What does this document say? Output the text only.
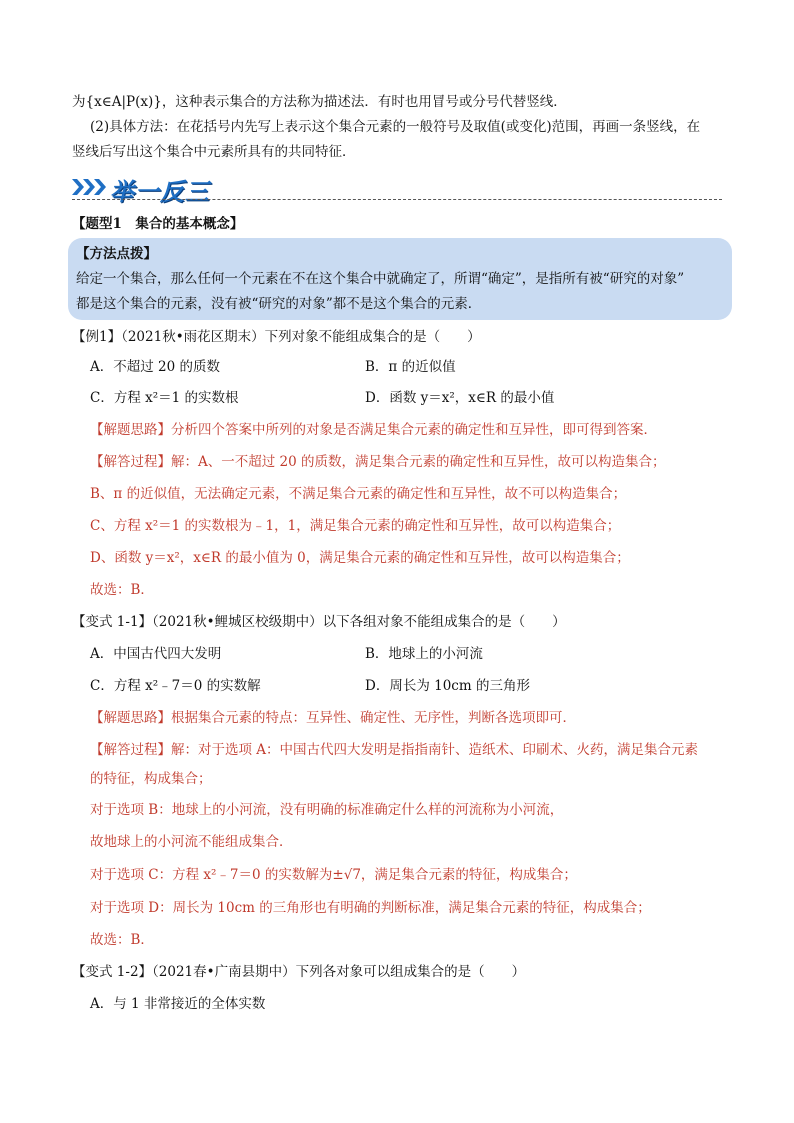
为{x∈A|P(x)}，这种表示集合的方法称为描述法．有时也用冒号或分号代替竖线．
(2)具体方法：在花括号内先写上表示这个集合元素的一般符号及取值(或变化)范围，再画一条竖线，在
竖线后写出这个集合中元素所具有的共同特征．
举一反三
【题型1　集合的基本概念】
【方法点拨】
给定一个集合，那么任何一个元素在不在这个集合中就确定了，所谓“确定”，是指所有被“研究的对象”
都是这个集合的元素，没有被“研究的对象”都不是这个集合的元素．
【例1】（2021秋•雨花区期末）下列对象不能组成集合的是（　　）
A．不超过 20 的质数	B．π 的近似值
C．方程 x²＝1 的实数根	D．函数 y＝x²，x∈R 的最小值
【解题思路】分析四个答案中所列的对象是否满足集合元素的确定性和互异性，即可得到答案．
【解答过程】解：A、一不超过 20 的质数，满足集合元素的确定性和互异性，故可以构造集合；
B、π 的近似值，无法确定元素，不满足集合元素的确定性和互异性，故不可以构造集合；
C、方程 x²＝1 的实数根为﹣1，1，满足集合元素的确定性和互异性，故可以构造集合；
D、函数 y＝x²，x∈R 的最小值为 0，满足集合元素的确定性和互异性，故可以构造集合；
故选：B．
【变式 1-1】（2021秋•鲤城区校级期中）以下各组对象不能组成集合的是（　　）
A．中国古代四大发明	B．地球上的小河流
C．方程 x²﹣7＝0 的实数解	D．周长为 10cm 的三角形
【解题思路】根据集合元素的特点：互异性、确定性、无序性，判断各选项即可．
【解答过程】解：对于选项 A：中国古代四大发明是指指南针、造纸术、印刷术、火药，满足集合元素
的特征，构成集合；
对于选项 B：地球上的小河流，没有明确的标准确定什么样的河流称为小河流，
故地球上的小河流不能组成集合．
对于选项 C：方程 x²﹣7＝0 的实数解为±√7，满足集合元素的特征，构成集合；
对于选项 D：周长为 10cm 的三角形也有明确的判断标准，满足集合元素的特征，构成集合；
故选：B．
【变式 1-2】（2021春•广南县期中）下列各对象可以组成集合的是（　　）
A．与 1 非常接近的全体实数
